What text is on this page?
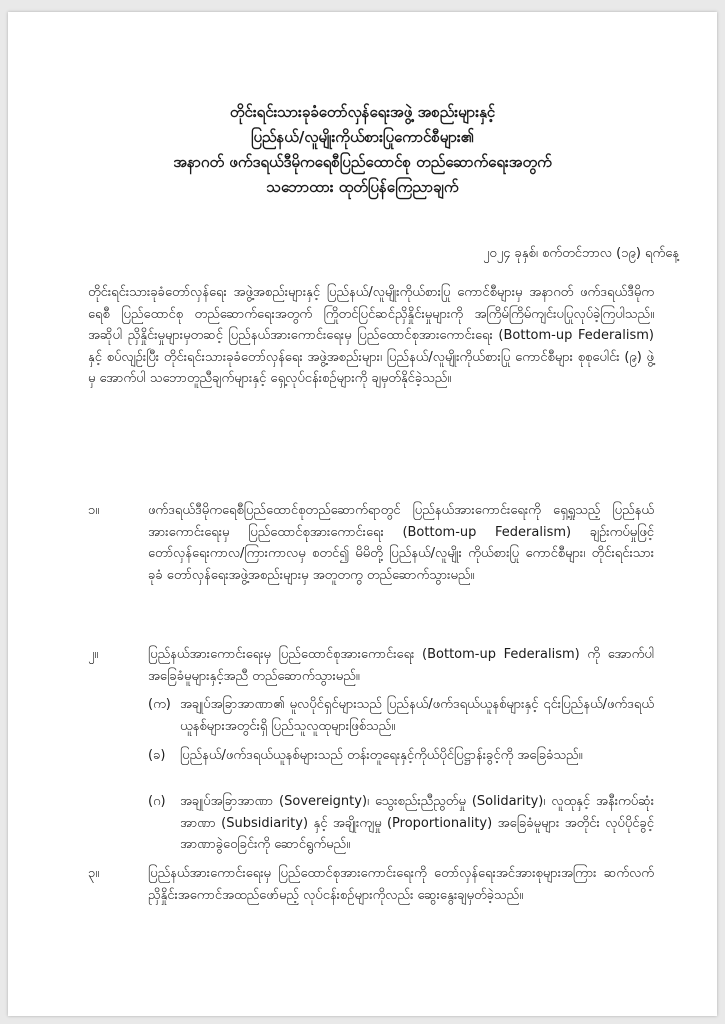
တိုင်းရင်းသားခုခံတော်လှန်ရေးအဖွဲ့ အစည်းများနှင့်
ပြည်နယ်/လူမျိုးကိုယ်စားပြုကောင်စီများ၏
အနာဂတ် ဖက်ဒရယ်ဒီမိုကရေစီပြည်ထောင်စု တည်ဆောက်ရေးအတွက်
သဘောထား ထုတ်ပြန်ကြေညာချက်
၂၀၂၄ ခုနှစ်၊ စက်တင်ဘာလ (၁၉) ရက်နေ့
တိုင်းရင်းသားခုခံတော်လှန်ရေး အဖွဲ့အစည်းများနှင့် ပြည်နယ်/လူမျိုးကိုယ်စားပြု ကောင်စီများမှ အနာဂတ် ဖက်ဒရယ်ဒီမိုကရေစီ ပြည်ထောင်စု တည်ဆောက်ရေးအတွက် ကြိုတင်ပြင်ဆင်ညှိနှိုင်းမှုများကို အကြိမ်ကြိမ်ကျင်းပပြုလုပ်ခဲ့ကြပါသည်။ အဆိုပါ ညှိနှိုင်းမှုများမှတဆင့် ပြည်နယ်အားကောင်းရေးမှ ပြည်ထောင်စုအားကောင်းရေး (Bottom-up Federalism) နှင့် စပ်လျဉ်းပြီး တိုင်းရင်းသားခုခံတော်လှန်ရေး အဖွဲ့အစည်းများ၊ ပြည်နယ်/လူမျိုးကိုယ်စားပြု ကောင်စီများ စုစုပေါင်း (၉) ဖွဲ့မှ အောက်ပါ သဘောတူညီချက်များနှင့် ရှေ့လုပ်ငန်းစဉ်များကို ချမှတ်နိုင်ခဲ့သည်။
၁။	ဖက်ဒရယ်ဒီမိုကရေစီပြည်ထောင်စုတည်ဆောက်ရာတွင် ပြည်နယ်အားကောင်းရေးကို ရှေ့ရှုသည့် ပြည်နယ်အားကောင်းရေးမှ ပြည်ထောင်စုအားကောင်းရေး (Bottom-up Federalism) ချဉ်းကပ်မှုဖြင့် တော်လှန်ရေးကာလ/ကြားကာလမှ စတင်၍ မိမိတို့ ပြည်နယ်/လူမျိုး ကိုယ်စားပြု ကောင်စီများ၊ တိုင်းရင်းသားခုခံ တော်လှန်ရေးအဖွဲ့အစည်းများမှ အတူတကွ တည်ဆောက်သွားမည်။
၂။	ပြည်နယ်အားကောင်းရေးမှ ပြည်ထောင်စုအားကောင်းရေး (Bottom-up Federalism) ကို အောက်ပါအခြေခံမူများနှင့်အညီ တည်ဆောက်သွားမည်။
(က) အချုပ်အခြာအာဏာ၏ မူလပိုင်ရှင်များသည် ပြည်နယ်/ဖက်ဒရယ်ယူနစ်များနှင့် ၎င်းပြည်နယ်/ဖက်ဒရယ်ယူနစ်များအတွင်းရှိ ပြည်သူလူထုများဖြစ်သည်။
(ခ) ပြည်နယ်/ဖက်ဒရယ်ယူနစ်များသည် တန်းတူရေးနှင့်ကိုယ်ပိုင်ပြဋ္ဌာန်းခွင့်ကို အခြေခံသည်။
(ဂ) အချုပ်အခြာအာဏာ (Sovereignty)၊ သွေးစည်းညီညွတ်မှု (Solidarity)၊ လူထုနှင့် အနီးကပ်ဆုံးအာဏာ (Subsidiarity) နှင့် အချိုးကျမှု (Proportionality) အခြေခံမူများ အတိုင်း လုပ်ပိုင်ခွင့်အာဏာခွဲဝေခြင်းကို ဆောင်ရွက်မည်။
၃။	ပြည်နယ်အားကောင်းရေးမှ ပြည်ထောင်စုအားကောင်းရေးကို တော်လှန်ရေးအင်အားစုများအကြား ဆက်လက်ညှိနှိုင်းအကောင်အထည်ဖော်မည့် လုပ်ငန်းစဉ်များကိုလည်း ဆွေးနွေးချမှတ်ခဲ့သည်။
